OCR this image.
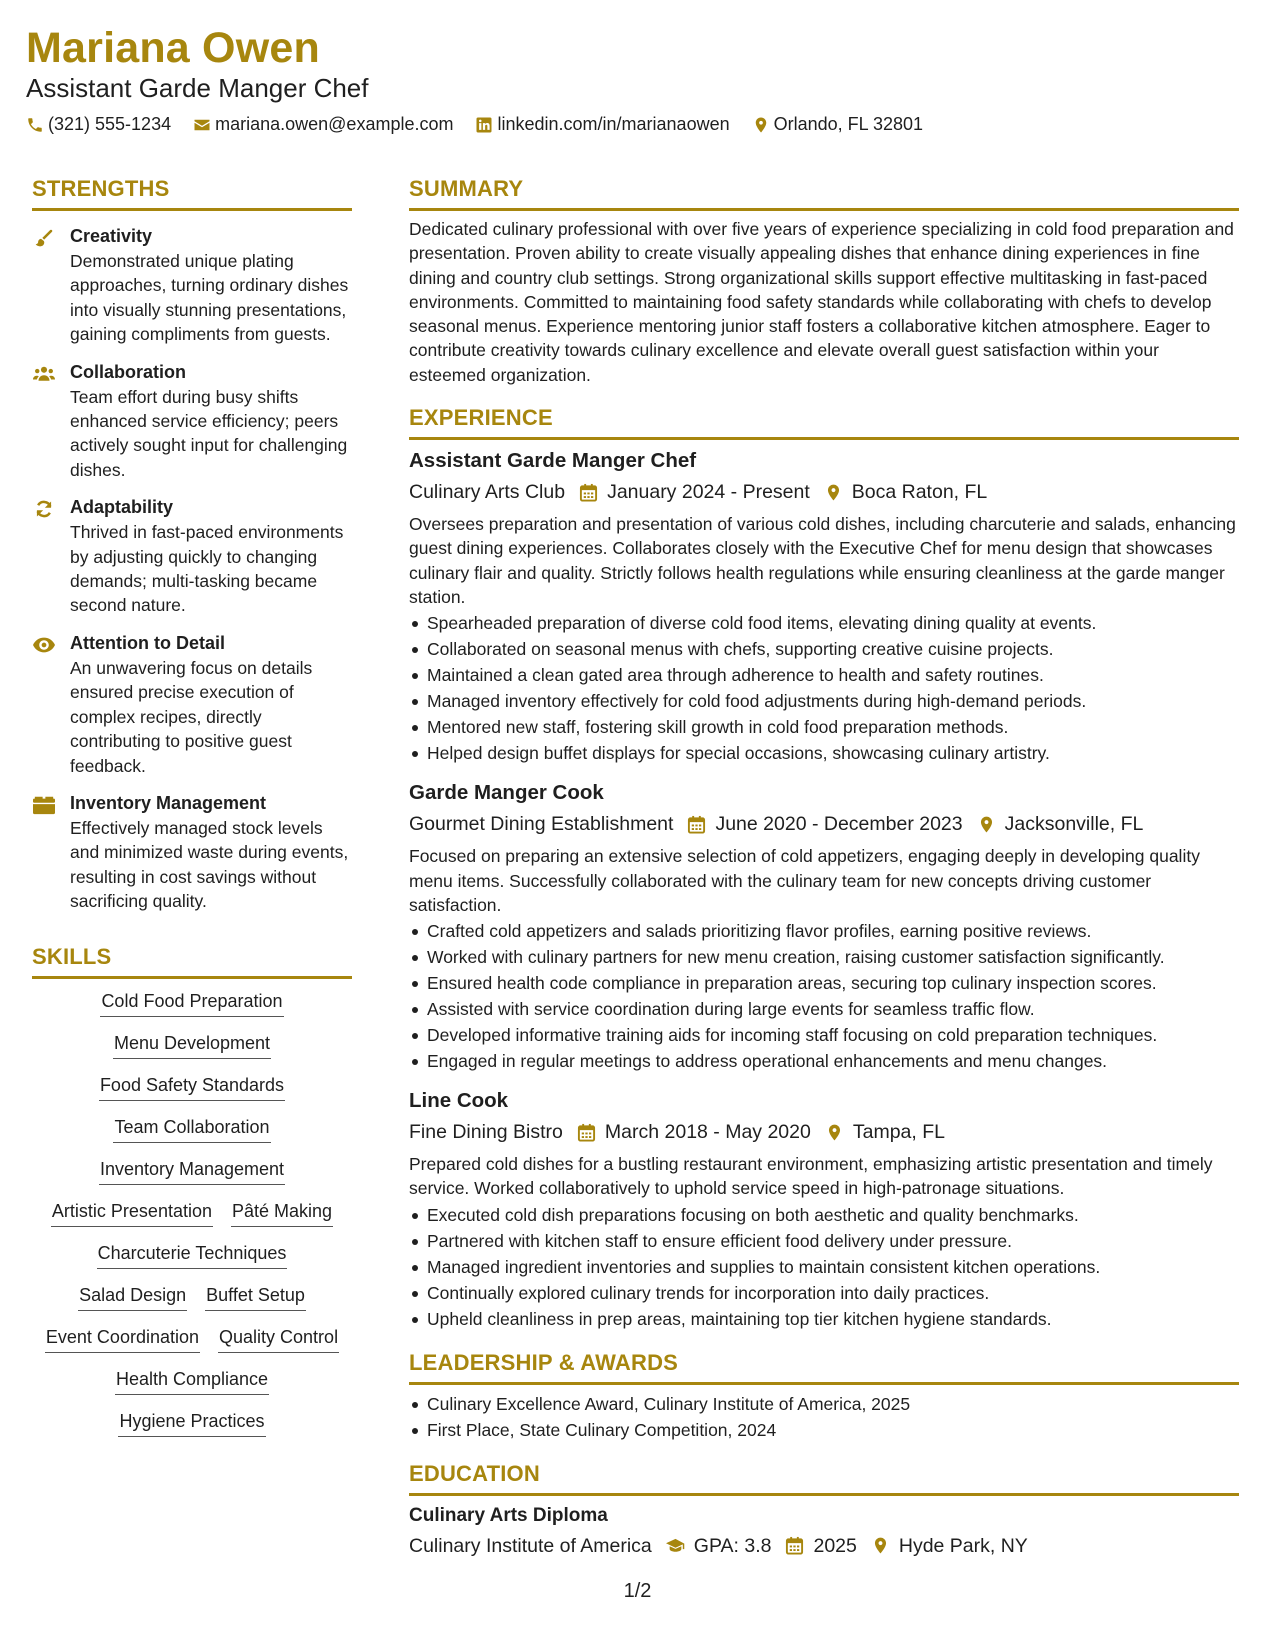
Mariana Owen
Assistant Garde Manger Chef
(321) 555-1234 mariana.owen@example.com linkedin.com/in/marianaowen Orlando, FL 32801
STRENGTHS
Creativity
Demonstrated unique plating approaches, turning ordinary dishes into visually stunning presentations, gaining compliments from guests.
Collaboration
Team effort during busy shifts enhanced service efficiency; peers actively sought input for challenging dishes.
Adaptability
Thrived in fast-paced environments by adjusting quickly to changing demands; multi-tasking became second nature.
Attention to Detail
An unwavering focus on details ensured precise execution of complex recipes, directly contributing to positive guest feedback.
Inventory Management
Effectively managed stock levels and minimized waste during events, resulting in cost savings without sacrificing quality.
SKILLS
Cold Food Preparation
Menu Development
Food Safety Standards
Team Collaboration
Inventory Management
Artistic Presentation Pâté Making
Charcuterie Techniques
Salad Design Buffet Setup
Event Coordination Quality Control
Health Compliance
Hygiene Practices
SUMMARY
Dedicated culinary professional with over five years of experience specializing in cold food preparation and presentation. Proven ability to create visually appealing dishes that enhance dining experiences in fine dining and country club settings. Strong organizational skills support effective multitasking in fast-paced environments. Committed to maintaining food safety standards while collaborating with chefs to develop seasonal menus. Experience mentoring junior staff fosters a collaborative kitchen atmosphere. Eager to contribute creativity towards culinary excellence and elevate overall guest satisfaction within your esteemed organization.
EXPERIENCE
Assistant Garde Manger Chef
Culinary Arts Club January 2024 - Present Boca Raton, FL
Oversees preparation and presentation of various cold dishes, including charcuterie and salads, enhancing guest dining experiences. Collaborates closely with the Executive Chef for menu design that showcases culinary flair and quality. Strictly follows health regulations while ensuring cleanliness at the garde manger station.
Spearheaded preparation of diverse cold food items, elevating dining quality at events.
Collaborated on seasonal menus with chefs, supporting creative cuisine projects.
Maintained a clean gated area through adherence to health and safety routines.
Managed inventory effectively for cold food adjustments during high-demand periods.
Mentored new staff, fostering skill growth in cold food preparation methods.
Helped design buffet displays for special occasions, showcasing culinary artistry.
Garde Manger Cook
Gourmet Dining Establishment June 2020 - December 2023 Jacksonville, FL
Focused on preparing an extensive selection of cold appetizers, engaging deeply in developing quality menu items. Successfully collaborated with the culinary team for new concepts driving customer satisfaction.
Crafted cold appetizers and salads prioritizing flavor profiles, earning positive reviews.
Worked with culinary partners for new menu creation, raising customer satisfaction significantly.
Ensured health code compliance in preparation areas, securing top culinary inspection scores.
Assisted with service coordination during large events for seamless traffic flow.
Developed informative training aids for incoming staff focusing on cold preparation techniques.
Engaged in regular meetings to address operational enhancements and menu changes.
Line Cook
Fine Dining Bistro March 2018 - May 2020 Tampa, FL
Prepared cold dishes for a bustling restaurant environment, emphasizing artistic presentation and timely service. Worked collaboratively to uphold service speed in high-patronage situations.
Executed cold dish preparations focusing on both aesthetic and quality benchmarks.
Partnered with kitchen staff to ensure efficient food delivery under pressure.
Managed ingredient inventories and supplies to maintain consistent kitchen operations.
Continually explored culinary trends for incorporation into daily practices.
Upheld cleanliness in prep areas, maintaining top tier kitchen hygiene standards.
LEADERSHIP & AWARDS
Culinary Excellence Award, Culinary Institute of America, 2025
First Place, State Culinary Competition, 2024
EDUCATION
Culinary Arts Diploma
Culinary Institute of America GPA: 3.8 2025 Hyde Park, NY
1/2
